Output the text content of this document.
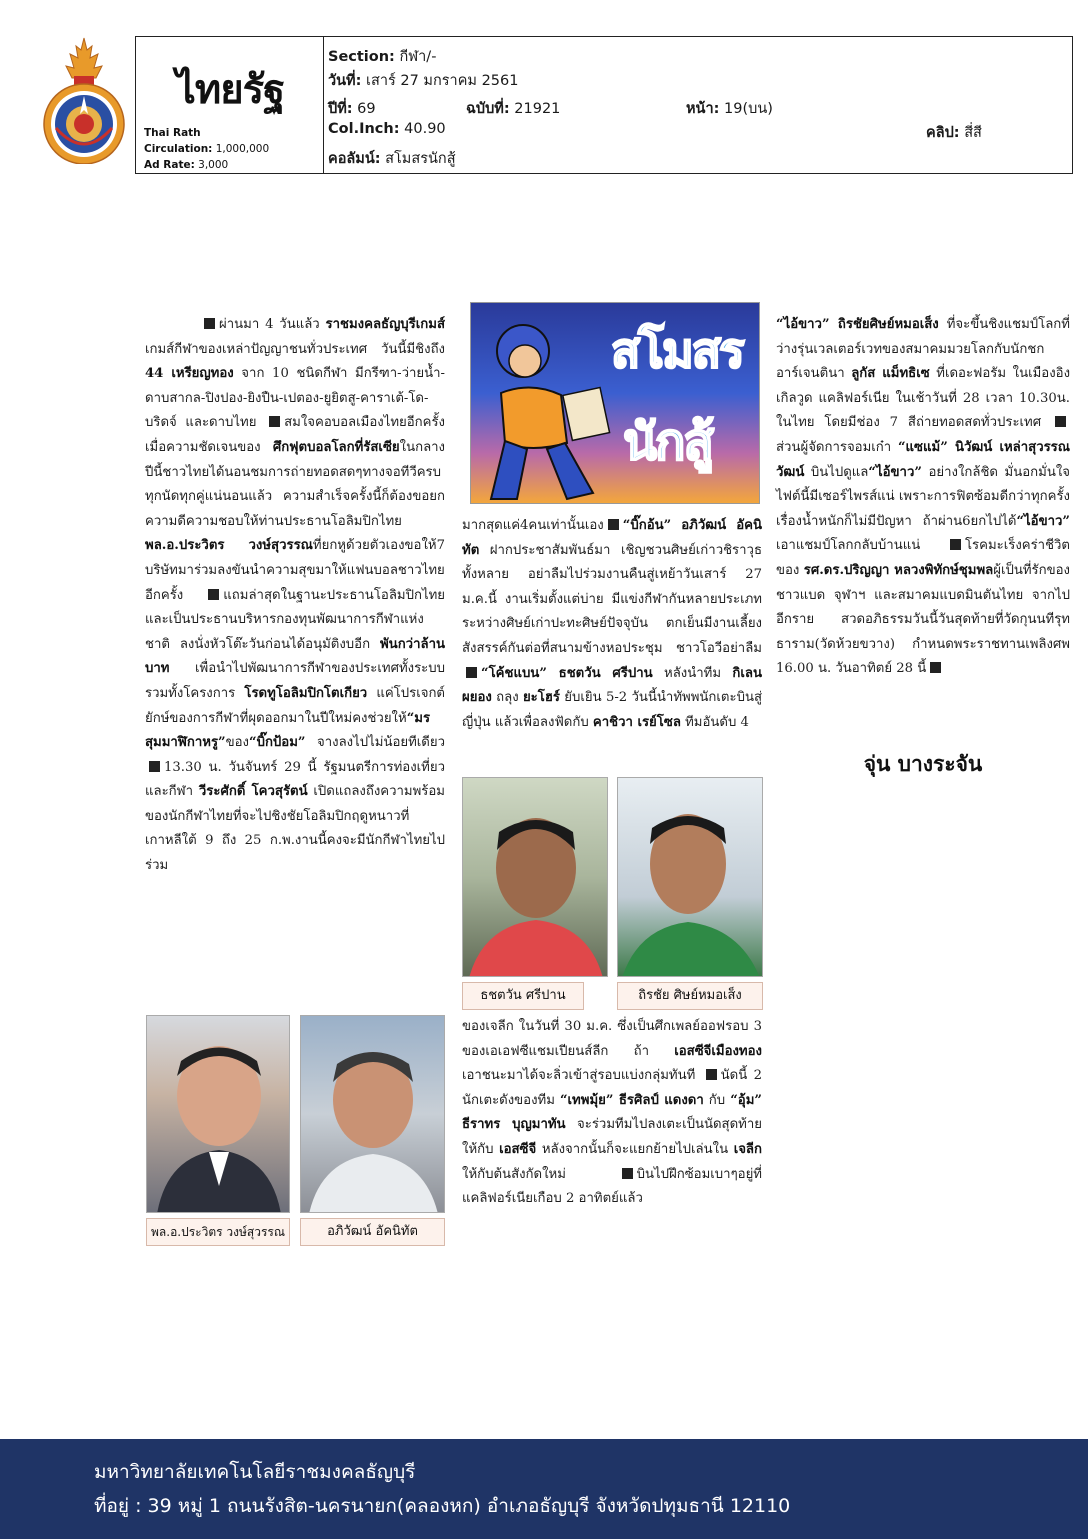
ไทยรัฐ
Thai Rath
Circulation: 1,000,000
Ad Rate: 3,000
Section: กีฬา/-
วันที่: เสาร์ 27 มกราคม 2561
ปีที่: 69	ฉบับที่: 21921	หน้า: 19(บน)
Col.Inch: 40.90	คลิป: สี่สี
คอลัมน์: สโมสรนักสู้
ผ่านมา 4 วันแล้ว ราชมงคลธัญบุรีเกมส์ เกมส์กีฬาของเหล่าปัญญาชนทั่วประเทศ วันนี้มีชิงถึง 44 เหรียญทอง จาก 10 ชนิดกีฬา มีกรีฑา-ว่ายน้ำ-ดาบสากล-ปิงปอง-ยิงปืน-เปตอง-ยูยิตสู-คาราเต้-โด-บริดจ์ และดาบไทย สมใจคอบอลเมืองไทยอีกครั้ง เมื่อความชัดเจนของ ศึกฟุตบอลโลกที่รัสเซียในกลางปีนี้ชาวไทยได้นอนชมการถ่ายทอดสดๆทางจอทีวีครบทุกนัดทุกคู่แน่นอนแล้ว ความสำเร็จครั้งนี้ก็ต้องขอยกความดีความชอบให้ท่านประธานโอลิมปิกไทย พล.อ.ประวิตร วงษ์สุวรรณที่ยกหูด้วยตัวเองขอให้7 บริษัทมาร่วมลงขันนำความสุขมาให้แฟนบอลชาวไทยอีกครั้ง	แถมล่าสุดในฐานะประธานโอลิมปิกไทยและเป็นประธานบริหารกองทุนพัฒนาการกีฬาแห่งชาติ ลงนั่งหัวโต๊ะวันก่อนได้อนุมัติงบอีก พันกว่าล้านบาท เพื่อนำไปพัฒนาการกีฬาของประเทศทั้งระบบรวมทั้งโครงการ โรดทูโอลิมปิกโตเกียว แค่โปรเจกต์ยักษ์ของการกีฬาที่ผุดออกมาในปีใหม่คงช่วยให้“มรสุมมาฬิกาหรู”ของ“บิ๊กป้อม” จางลงไปไม่น้อยทีเดียว 13.30 น. วันจันทร์ 29 นี้ รัฐมนตรีการท่องเที่ยวและกีฬา วีระศักดิ์ โควสุรัตน์ เปิดแถลงถึงความพร้อมของนักกีฬาไทยที่จะไปชิงชัยโอลิมปิกฤดูหนาวที่เกาหลีใต้ 9 ถึง 25 ก.พ.งานนี้คงจะมีนักกีฬาไทยไปร่วม
พล.อ.ประวิตร วงษ์สุวรรณ	อภิวัฒน์ อัคนิทัต
สโมสร
นักสู้
มากสุดแค่4คนเท่านั้นเอง “บิ๊กอ้น” อภิวัฒน์ อัคนิทัต ฝากประชาสัมพันธ์มา เชิญชวนศิษย์เก่าวชิราวุธทั้งหลาย อย่าลืมไปร่วมงานคืนสู่เหย้าวันเสาร์ 27 ม.ค.นี้ งานเริ่มตั้งแต่บ่าย มีแข่งกีฬากันหลายประเภท ระหว่างศิษย์เก่าปะทะศิษย์ปัจจุบัน ตกเย็นมีงานเลี้ยงสังสรรค์กันต่อที่สนามข้างหอประชุม ชาวโอวีอย่าลืม “โค้ชแบน” ธชตวัน ศรีปาน หลังนำทีม กิเลนผยอง ถลุง ยะโฮร์ ยับเยิน 5-2 วันนี้นำทัพพนักเตะบินสู่ญี่ปุ่น แล้วเพื่อลงฟัดกับ คาชิวา เรย์โซล ทีมอันดับ 4
ธชตวัน ศรีปาน	ถิรชัย ศิษย์หมอเส็ง
ของเจลีก ในวันที่ 30 ม.ค. ซึ่งเป็นศึกเพลย์ออฟรอบ 3 ของเอเอฟซีแชมเปียนส์ลีก ถ้า เอสซีจีเมืองทองเอาชนะมาได้จะลิ่วเข้าสู่รอบแบ่งกลุ่มทันที นัดนี้ 2 นักเตะดังของทีม “เทพมุ้ย” ธีรศิลป์ แดงดา กับ “อุ้ม” ธีราทร บุญมาทัน จะร่วมทีมไปลงเตะเป็นนัดสุดท้ายให้กับ เอสซีจี หลังจากนั้นก็จะแยกย้ายไปเล่นใน เจลีก ให้กับต้นสังกัดใหม่	บินไปฝึกซ้อมเบาๆอยู่ที่แคลิฟอร์เนียเกือบ 2 อาทิตย์แล้ว
“ไอ้ขาว” ถิรชัยศิษย์หมอเส็ง ที่จะขึ้นชิงแชมป์โลกที่ว่างรุ่นเวลเตอร์เวทของสมาคมมวยโลกกับนักชกอาร์เจนตินา ลูกัส แม็ทธิเซ ที่เดอะฟอรัม ในเมืองอิงเกิลวูด แคลิฟอร์เนีย ในเช้าวันที่ 28 เวลา 10.30น. ในไทย โดยมีช่อง 7 สีถ่ายทอดสดทั่วประเทศ ส่วนผู้จัดการจอมเก๋า “แซแม้” นิวัฒน์ เหล่าสุวรรณวัฒน์ บินไปดูแล“ไอ้ขาว” อย่างใกล้ชิด มั่นอกมั่นใจไฟต์นี้มีเซอร์ไพรส์แน่ เพราะการฟิตซ้อมดีกว่าทุกครั้ง เรื่องน้ำหนักก็ไม่มีปัญหา ถ้าผ่าน6ยกไปได้“ไอ้ขาว” เอาแชมป์โลกกลับบ้านแน่	โรคมะเร็งคร่าชีวิตของ รศ.ดร.ปริญญา หลวงพิทักษ์ชุมพลผู้เป็นที่รักของชาวแบด จุฬาฯ และสมาคมแบดมินตันไทย จากไปอีกราย สวดอภิธรรมวันนี้วันสุดท้ายที่วัดกุนนทีรุทธาราม(วัดห้วยขวาง) กำหนดพระราชทานเพลิงศพ 16.00 น. วันอาทิตย์ 28 นี้
จุ่น บางระจัน
มหาวิทยาลัยเทคโนโลยีราชมงคลธัญบุรี
ที่อยู่ : 39 หมู่ 1 ถนนรังสิต-นครนายก(คลองหก) อำเภอธัญบุรี จังหวัดปทุมธานี 12110
